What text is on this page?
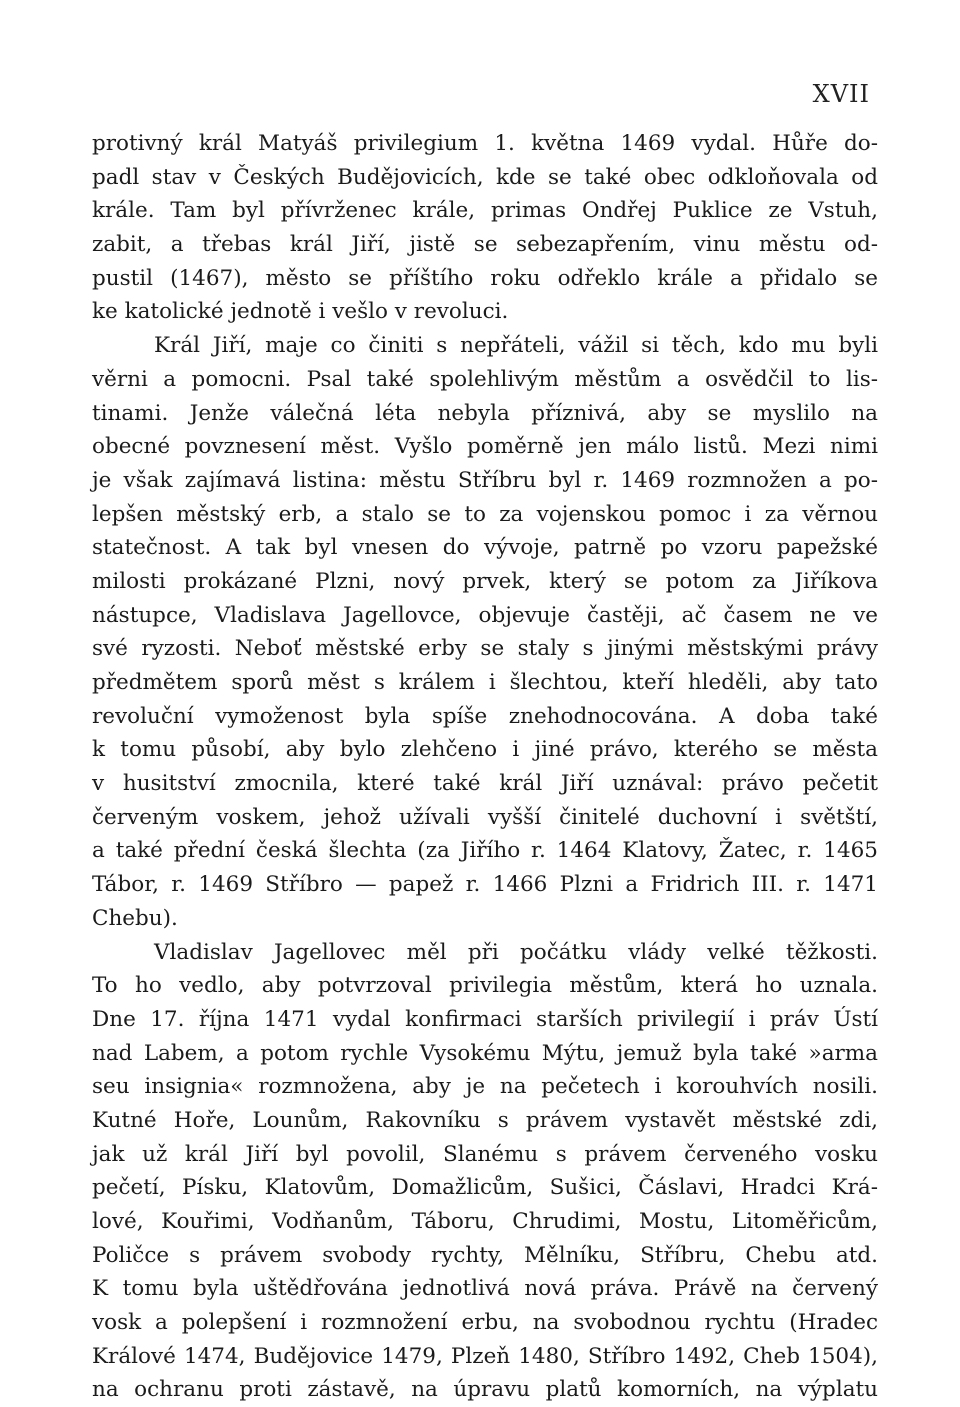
XVII
protivný král Matyáš privilegium 1. května 1469 vydal. Hůře do-
padl stav v Českých Budějovicích, kde se také obec odkloňovala od
krále. Tam byl přívrženec krále, primas Ondřej Puklice ze Vstuh,
zabit, a třebas král Jiří, jistě se sebezapřením, vinu městu od-
pustil (1467), město se příštího roku odřeklo krále a přidalo se
ke katolické jednotě i vešlo v revoluci.
Král Jiří, maje co činiti s nepřáteli, vážil si těch, kdo mu byli
věrni a pomocni. Psal také spolehlivým městům a osvědčil to lis-
tinami. Jenže válečná léta nebyla příznivá, aby se myslilo na
obecné povznesení měst. Vyšlo poměrně jen málo listů. Mezi nimi
je však zajímavá listina: městu Stříbru byl r. 1469 rozmnožen a po-
lepšen městský erb, a stalo se to za vojenskou pomoc i za věrnou
statečnost. A tak byl vnesen do vývoje, patrně po vzoru papežské
milosti prokázané Plzni, nový prvek, který se potom za Jiříkova
nástupce, Vladislava Jagellovce, objevuje častěji, ač časem ne ve
své ryzosti. Neboť městské erby se staly s jinými městskými právy
předmětem sporů měst s králem i šlechtou, kteří hleděli, aby tato
revoluční vymoženost byla spíše znehodnocována. A doba také
k tomu působí, aby bylo zlehčeno i jiné právo, kterého se města
v husitství zmocnila, které také král Jiří uznával: právo pečetit
červeným voskem, jehož užívali vyšší činitelé duchovní i světští,
a také přední česká šlechta (za Jiřího r. 1464 Klatovy, Žatec, r. 1465
Tábor, r. 1469 Stříbro — papež r. 1466 Plzni a Fridrich III. r. 1471
Chebu).
Vladislav Jagellovec měl při počátku vlády velké těžkosti.
To ho vedlo, aby potvrzoval privilegia městům, která ho uznala.
Dne 17. října 1471 vydal konfirmaci starších privilegií i práv Ústí
nad Labem, a potom rychle Vysokému Mýtu, jemuž byla také »arma
seu insignia« rozmnožena, aby je na pečetech i korouhvích nosili.
Kutné Hoře, Lounům, Rakovníku s právem vystavět městské zdi,
jak už král Jiří byl povolil, Slanému s právem červeného vosku
pečetí, Písku, Klatovům, Domažlicům, Sušici, Čáslavi, Hradci Krá-
lové, Kouřimi, Vodňanům, Táboru, Chrudimi, Mostu, Litoměřicům,
Poličce s právem svobody rychty, Mělníku, Stříbru, Chebu atd.
K tomu byla uštědřována jednotlivá nová práva. Právě na červený
vosk a polepšení i rozmnožení erbu, na svobodnou rychtu (Hradec
Králové 1474, Budějovice 1479, Plzeň 1480, Stříbro 1492, Cheb 1504),
na ochranu proti zástavě, na úpravu platů komorních, na výplatu
